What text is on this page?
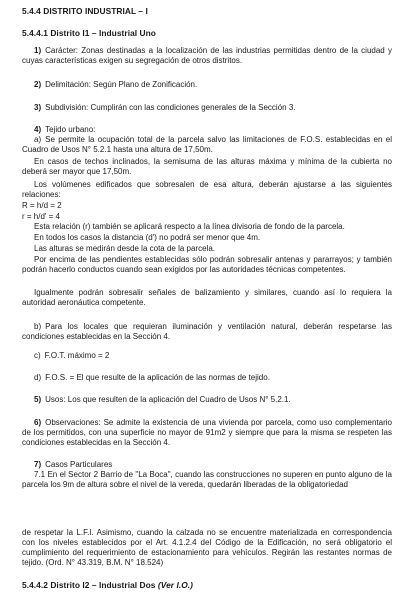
5.4.4 DISTRITO INDUSTRIAL – I

5.4.4.1 Distrito I1 – Industrial Uno

1) Carácter: Zonas destinadas a la localización de las industrias permitidas dentro de la ciudad y cuyas características exigen su segregación de otros distritos.

2) Delimitación: Según Plano de Zonificación.

3) Subdivisión: Cumplirán con las condiciones generales de la Sección 3.

4) Tejido urbano:

a) Se permite la ocupación total de la parcela salvo las limitaciones de F.O.S. establecidas en el Cuadro de Usos N° 5.2.1 hasta una altura de 17,50m.

En casos de techos inclinados, la semisuma de las alturas máxima y mínima de la cubierta no deberá ser mayor que 17,50m.

Los volúmenes edificados que sobresalen de esa altura, deberán ajustarse a las siguientes relaciones:

R = h/d = 2

r = h/d' = 4

Esta relación (r) también se aplicará respecto a la línea divisoria de fondo de la parcela.

En todos los casos la distancia (d') no podrá ser menor que 4m.

Las alturas se medirán desde la cota de la parcela.

Por encima de las pendientes establecidas sólo podrán sobresalir antenas y pararrayos; y también podrán hacerlo conductos cuando sean exigidos por las autoridades técnicas competentes.

Igualmente podrán sobresalir señales de balizamiento y similares, cuando así lo requiera la autoridad aeronáutica competente.

b) Para los locales que requieran iluminación y ventilación natural, deberán respetarse las condiciones establecidas en la Sección 4.

c) F.O.T. máximo = 2

d) F.O.S. = El que resulte de la aplicación de las normas de tejido.

5) Usos: Los que resulten de la aplicación del Cuadro de Usos N° 5.2.1.

6) Observaciones: Se admite la existencia de una vivienda por parcela, como uso complementario de los permitidos, con una superficie no mayor de 91m2 y siempre que para la misma se respeten las condiciones establecidas en la Sección 4.

7) Casos Particulares

7.1 En el Sector 2 Barrio de "La Boca", cuando las construcciones no superen en punto alguno de la parcela los 9m de altura sobre el nivel de la vereda, quedarán liberadas de la obligatoriedad

de respetar la L.F.I. Asimismo, cuando la calzada no se encuentre materializada en correspondencia con los niveles establecidos por el Art. 4.1.2.4 del Código de la Edificación, no será obligatorio el cumplimiento del requerimiento de estacionamiento para vehículos. Regirán las restantes normas de tejido. (Ord. N° 43.319, B.M. N° 18.524)

5.4.4.2 Distrito I2 – Industrial Dos (Ver I.O.)
